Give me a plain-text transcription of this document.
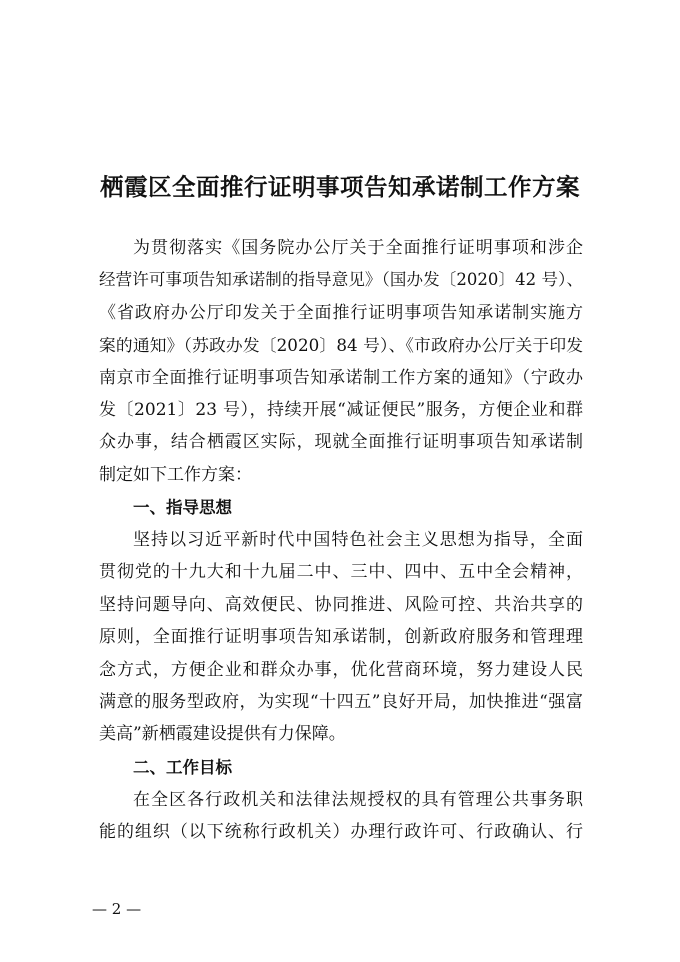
栖霞区全面推行证明事项告知承诺制工作方案
为贯彻落实《国务院办公厅关于全面推行证明事项和涉企
经营许可事项告知承诺制的指导意见》（国办发〔2020〕42 号）、
《省政府办公厅印发关于全面推行证明事项告知承诺制实施方
案的通知》（苏政办发〔2020〕84 号）、《市政府办公厅关于印发
南京市全面推行证明事项告知承诺制工作方案的通知》（宁政办
发〔2021〕23 号），持续开展“减证便民”服务，方便企业和群
众办事，结合栖霞区实际，现就全面推行证明事项告知承诺制
制定如下工作方案：
一、指导思想
坚持以习近平新时代中国特色社会主义思想为指导，全面
贯彻党的十九大和十九届二中、三中、四中、五中全会精神，
坚持问题导向、高效便民、协同推进、风险可控、共治共享的
原则，全面推行证明事项告知承诺制，创新政府服务和管理理
念方式，方便企业和群众办事，优化营商环境，努力建设人民
满意的服务型政府，为实现“十四五”良好开局，加快推进“强富
美高”新栖霞建设提供有力保障。
二、工作目标
在全区各行政机关和法律法规授权的具有管理公共事务职
能的组织（以下统称行政机关）办理行政许可、行政确认、行
— 2 —
